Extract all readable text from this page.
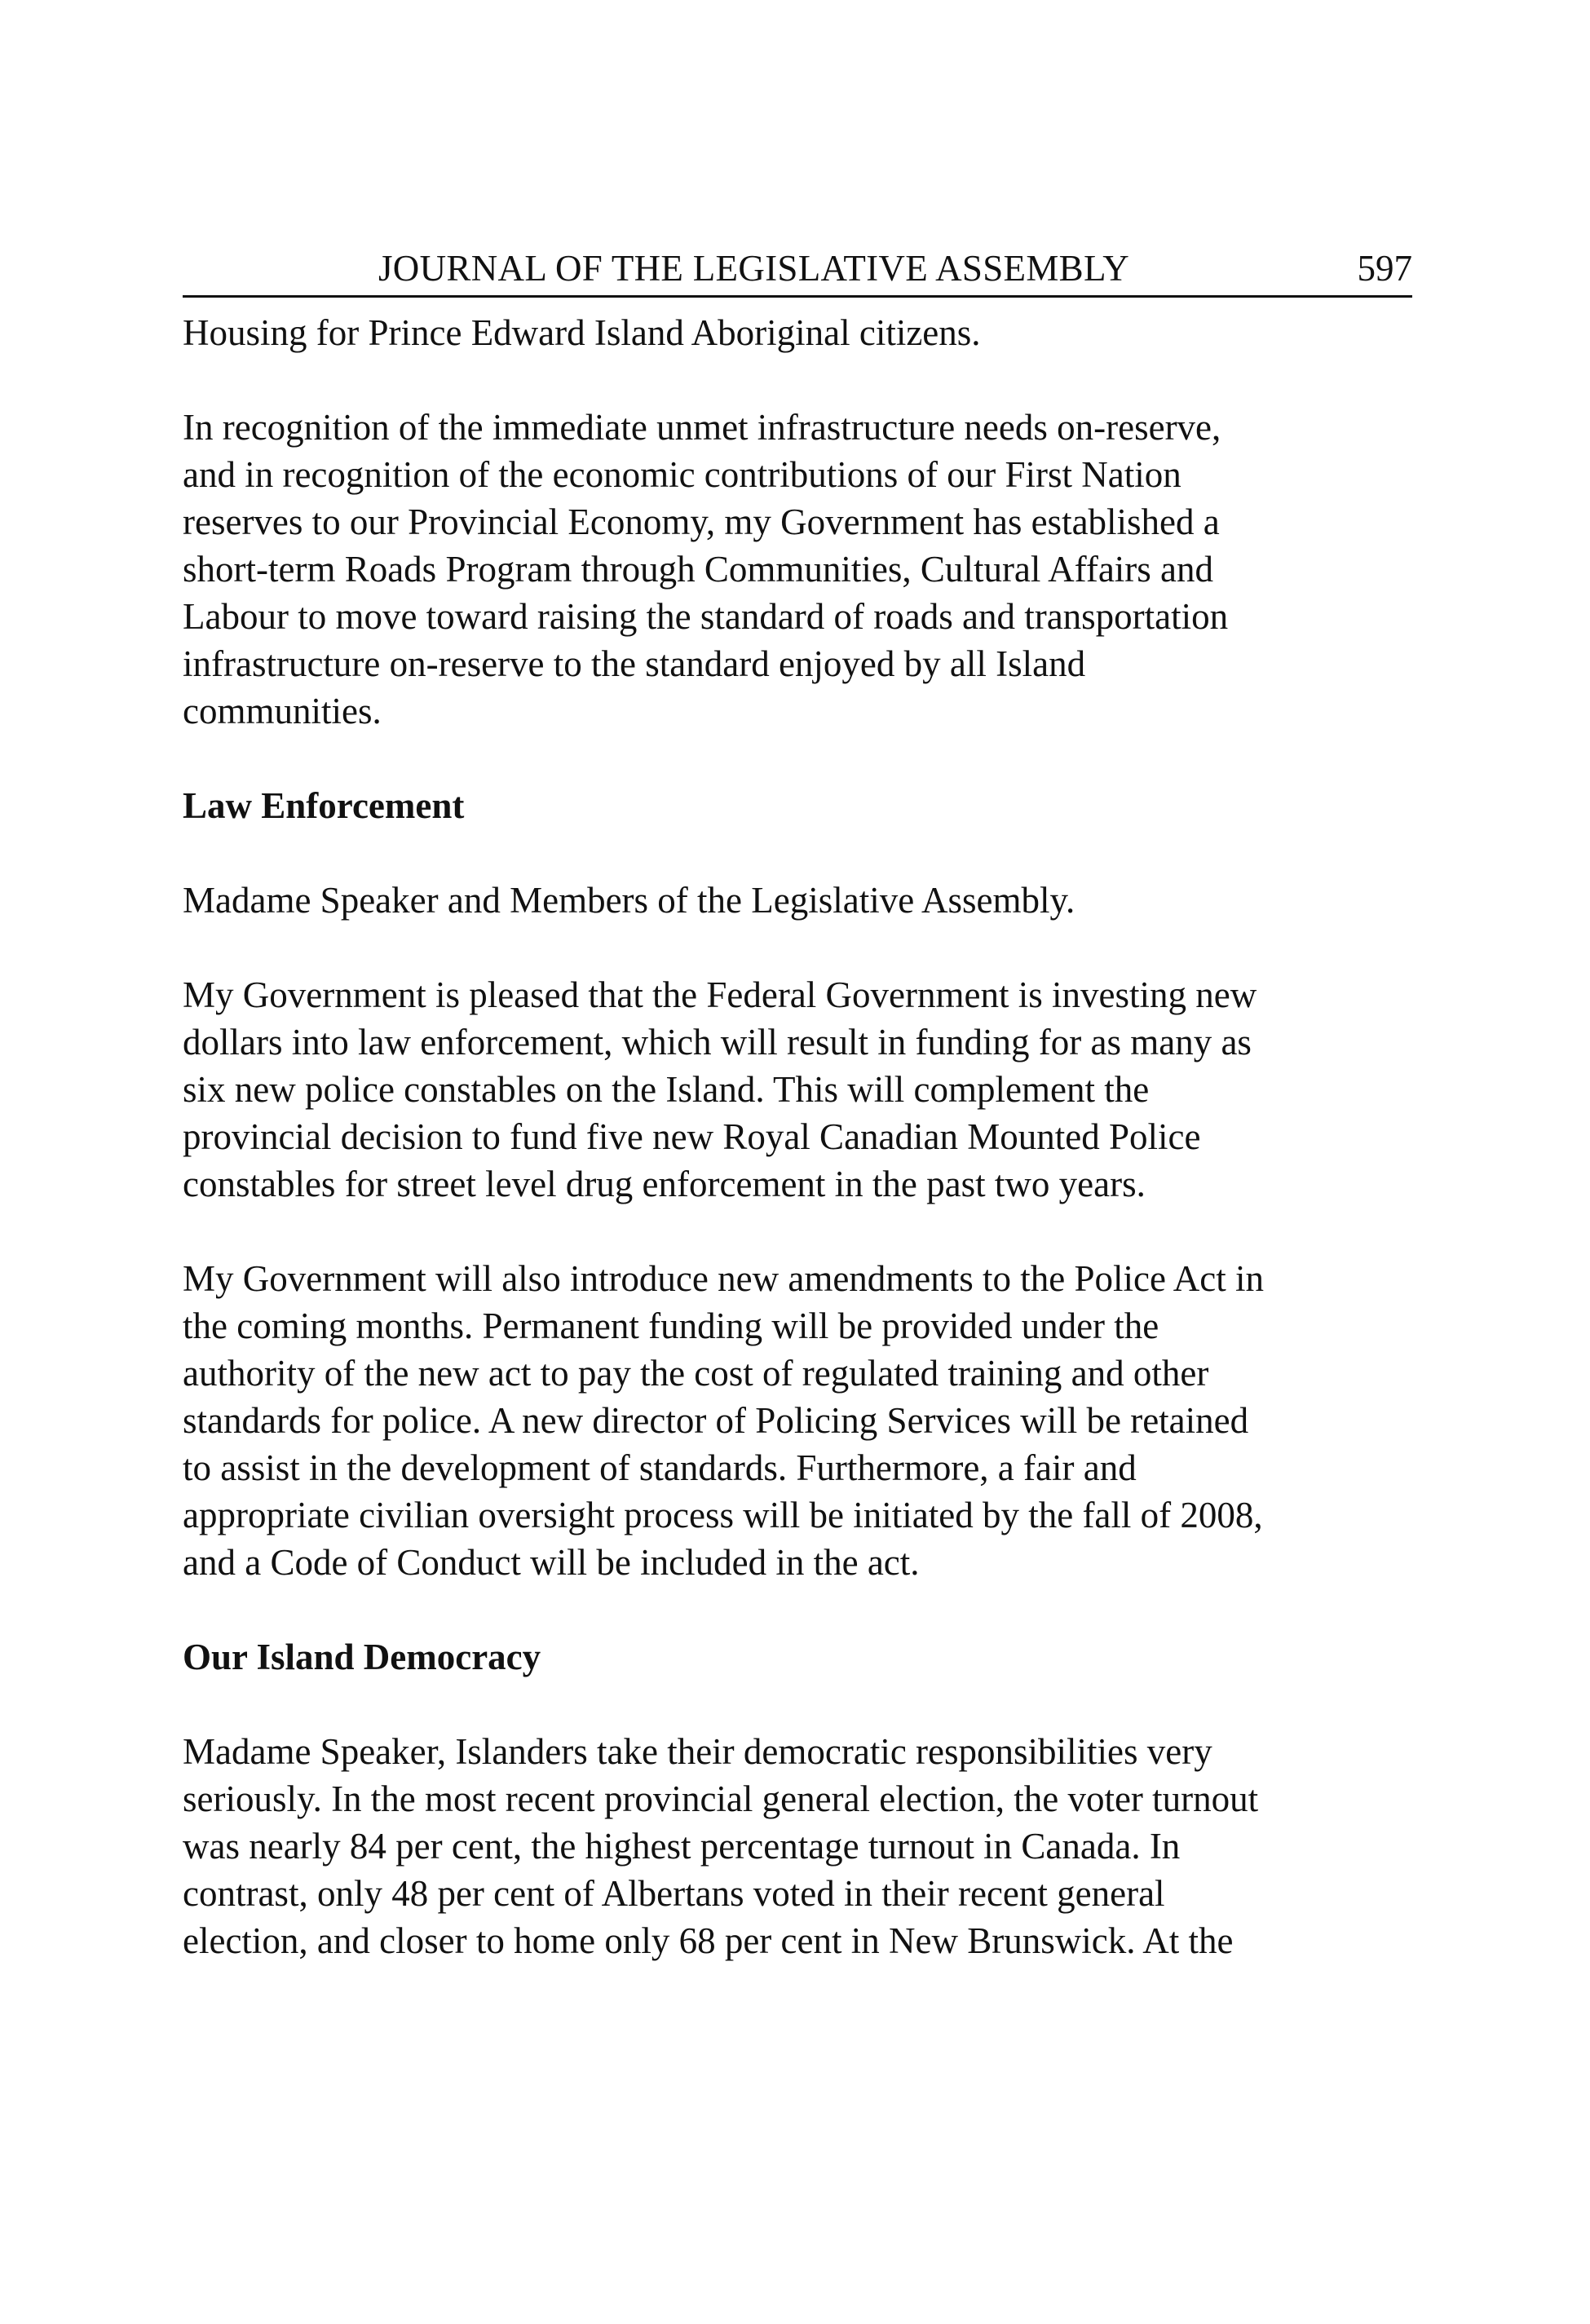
JOURNAL OF THE LEGISLATIVE ASSEMBLY	597

Housing for Prince Edward Island Aboriginal citizens.

In recognition of the immediate unmet infrastructure needs on-reserve,
and in recognition of the economic contributions of our First Nation
reserves to our Provincial Economy, my Government has established a
short-term Roads Program through Communities, Cultural Affairs and
Labour to move toward raising the standard of roads and transportation
infrastructure on-reserve to the standard enjoyed by all Island
communities.

Law Enforcement

Madame Speaker and Members of the Legislative Assembly.

My Government is pleased that the Federal Government is investing new
dollars into law enforcement, which will result in funding for as many as
six new police constables on the Island. This will complement the
provincial decision to fund five new Royal Canadian Mounted Police
constables for street level drug enforcement in the past two years.

My Government will also introduce new amendments to the Police Act in
the coming months. Permanent funding will be provided under the
authority of the new act to pay the cost of regulated training and other
standards for police. A new director of Policing Services will be retained
to assist in the development of standards. Furthermore, a fair and
appropriate civilian oversight process will be initiated by the fall of 2008,
and a Code of Conduct will be included in the act.

Our Island Democracy

Madame Speaker, Islanders take their democratic responsibilities very
seriously. In the most recent provincial general election, the voter turnout
was nearly 84 per cent, the highest percentage turnout in Canada. In
contrast, only 48 per cent of Albertans voted in their recent general
election, and closer to home only 68 per cent in New Brunswick. At the
